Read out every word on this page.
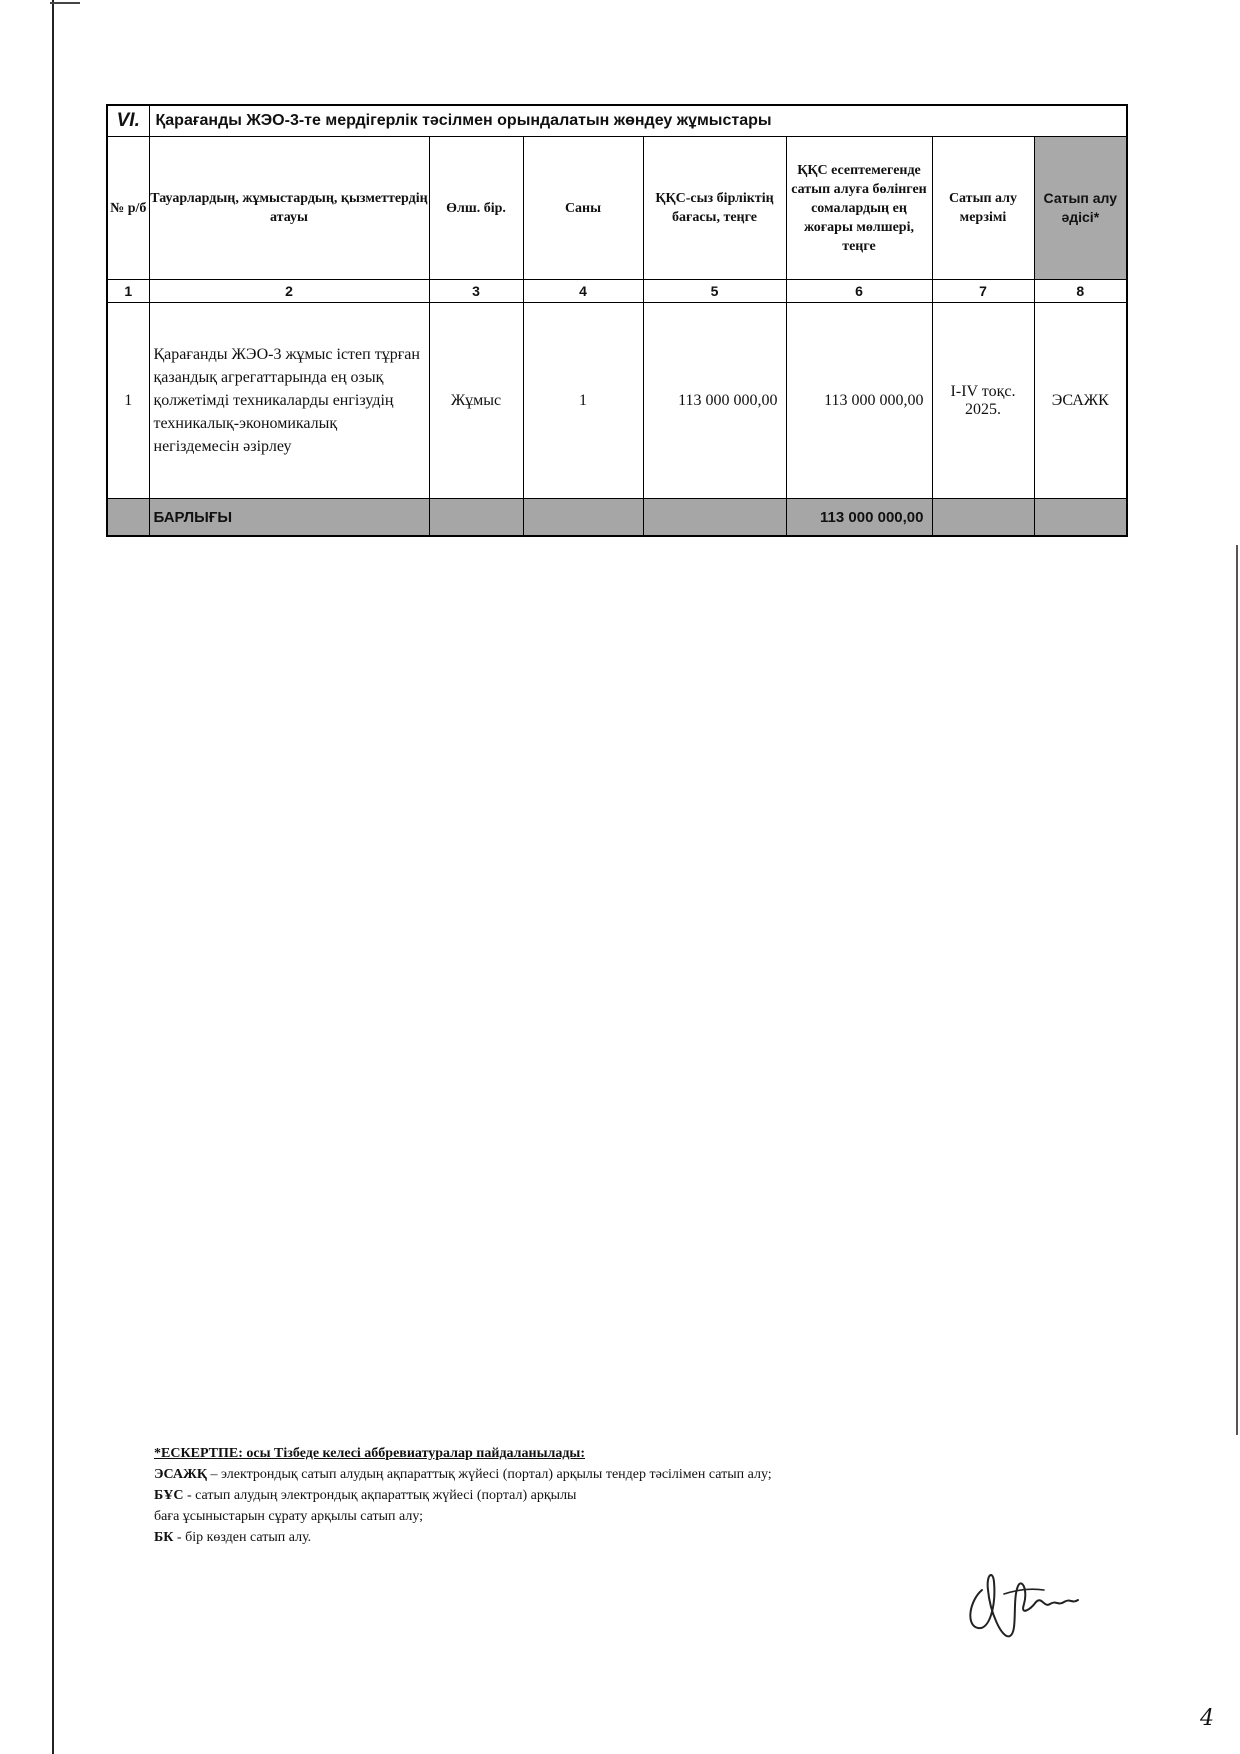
VI.	Қарағанды ЖЭО-3-те мердігерлік тәсілмен орындалатын жөндеу жұмыстары						
№ р/б	Тауарлардың, жұмыстардың, қызметтердің атауы	Өлш. бір.	Саны	ҚҚС-сыз бірліктің бағасы, теңге	ҚҚС есептемегенде сатып алуға бөлінген сомалардың ең жоғары мөлшері, теңге	Сатып алу мерзімі	Сатып алу әдісі*
1	2	3	4	5	6	7	8
1	Қарағанды ЖЭО-3 жұмыс істеп тұрған қазандық агрегаттарында ең озық қолжетімді техникаларды енгізудің техникалық-экономикалық негіздемесін әзірлеу	Жұмыс	1	113 000 000,00	113 000 000,00	I-IV тоқс. 2025.	ЭСАЖК
	БАРЛЫҒЫ				113 000 000,00		
*ЕСКЕРТПЕ: осы Тізбеде келесі аббревиатуралар пайдаланылады:
ЭСАЖҚ – электрондық сатып алудың ақпараттық жүйесі (портал) арқылы тендер тәсілімен сатып алу;
БҰС - сатып алудың электрондық ақпараттық жүйесі (портал) арқылы
баға ұсыныстарын сұрату арқылы сатып алу;
БК - бір көзден сатып алу.
4
